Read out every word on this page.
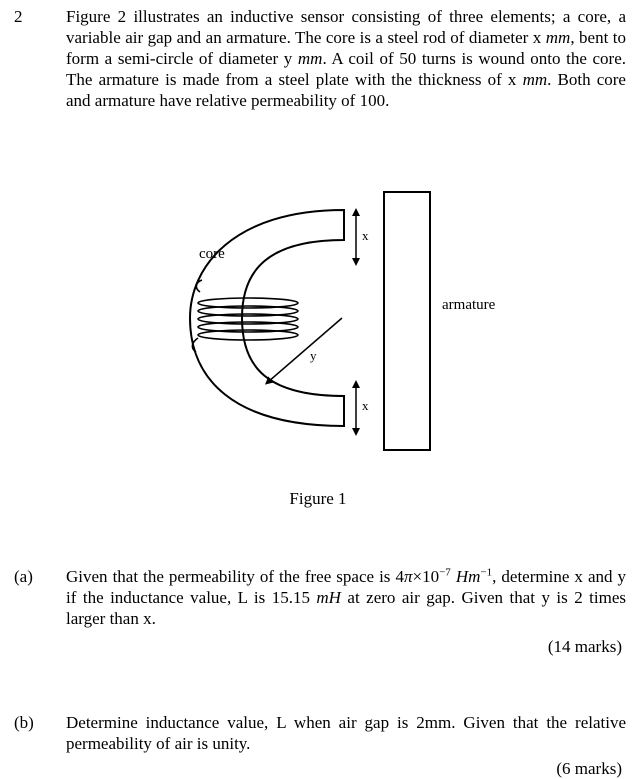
2	Figure 2 illustrates an inductive sensor consisting of three elements; a core, a variable air gap and an armature. The core is a steel rod of diameter x mm, bent to form a semi-circle of diameter y mm. A coil of 50 turns is wound onto the core. The armature is made from a steel plate with the thickness of x mm. Both core and armature have relative permeability of 100.
core
armature
x
x
y
Figure 1
(a) Given that the permeability of the free space is $4\pi\times 10^{-7}$ $Hm^{-1}$, determine x and y if the inductance value, L is 15.15 mH at zero air gap. Given that y is 2 times larger than x.
(14 marks)
(b) Determine inductance value, L when air gap is 2mm. Given that the relative permeability of air is unity.
(6 marks)
